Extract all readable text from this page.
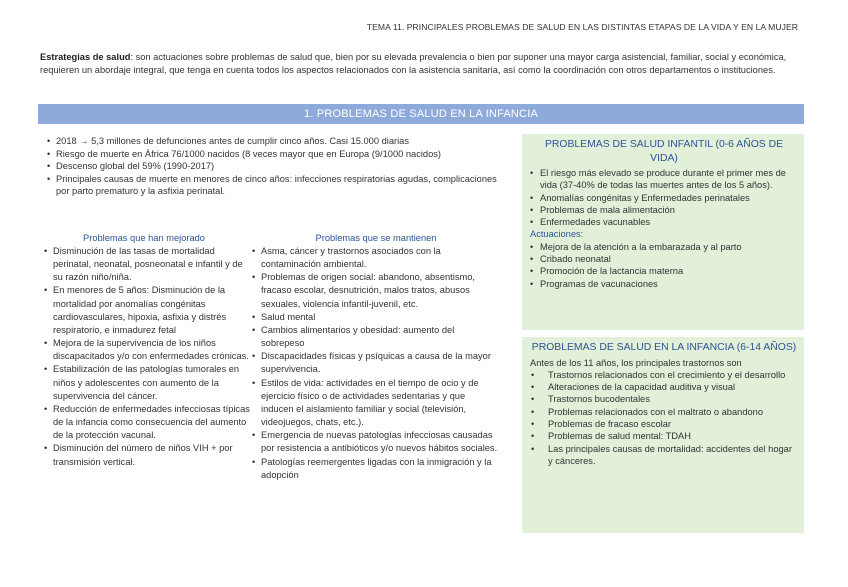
TEMA 11. PRINCIPALES PROBLEMAS DE SALUD EN LAS DISTINTAS ETAPAS DE LA VIDA Y EN LA MUJER

Estrategias de salud: son actuaciones sobre problemas de salud que, bien por su elevada prevalencia o bien por suponer una mayor carga asistencial, familiar, social y económica, requieren un abordaje integral, que tenga en cuenta todos los aspectos relacionados con la asistencia sanitaria, así como la coordinación con otros departamentos o instituciones.

1. PROBLEMAS DE SALUD EN LA INFANCIA
• 2018 → 5,3 millones de defunciones antes de cumplir cinco años. Casi 15.000 diarias
• Riesgo de muerte en África 76/1000 nacidos (8 veces mayor que en Europa (9/1000 nacidos)
• Descenso global del 59% (1990-2017)
• Principales causas de muerte en menores de cinco años: infecciones respiratorias agudas, complicaciones por parto prematuro y la asfixia perinatal.
Problemas que han mejorado
• Disminución de las tasas de mortalidad perinatal, neonatal, posneonatal e infantil y de su razón niño/niña.
• En menores de 5 años: Disminución de la mortalidad por anomalías congénitas cardiovasculares, hipoxia, asfixia y distrés respiratorio, e inmadurez fetal
• Mejora de la supervivencia de los niños discapacitados y/o con enfermedades crónicas.
• Estabilización de las patologías tumorales en niños y adolescentes con aumento de la supervivencia del cáncer.
• Reducción de enfermedades infecciosas típicas de la infancia como consecuencia del aumento de la protección vacunal.
• Disminución del número de niños VIH + por transmisión vertical.
Problemas que se mantienen
• Asma, cáncer y trastornos asociados con la contaminación ambiental.
• Problemas de origen social: abandono, absentismo, fracaso escolar, desnutrición, malos tratos, abusos sexuales, violencia infantil-juvenil, etc.
• Salud mental
• Cambios alimentarios y obesidad: aumento del sobrepeso
• Discapacidades físicas y psíquicas a causa de la mayor supervivencia.
• Estilos de vida: actividades en el tiempo de ocio y de ejercicio físico o de actividades sedentarias y que inducen el aislamiento familiar y social (televisión, videojuegos, chats, etc.).
• Emergencia de nuevas patologías infecciosas causadas por resistencia a antibióticos y/o nuevos hábitos sociales.
• Patologías reemergentes ligadas con la inmigración y la adopción
PROBLEMAS DE SALUD INFANTIL (0-6 AÑOS DE VIDA)
• El riesgo más elevado se produce durante el primer mes de vida (37-40% de todas las muertes antes de los 5 años).
• Anomalías congénitas y Enfermedades perinatales
• Problemas de mala alimentación
• Enfermedades vacunables
Actuaciones:
• Mejora de la atención a la embarazada y al parto
• Cribado neonatal
• Promoción de la lactancia materna
• Programas de vacunaciones
PROBLEMAS DE SALUD EN LA INFANCIA (6-14 AÑOS)
Antes de los 11 años, los principales trastornos son
• Trastornos relacionados con el crecimiento y el desarrollo
• Alteraciones de la capacidad auditiva y visual
• Trastornos bucodentales
• Problemas relacionados con el maltrato o abandono
• Problemas de fracaso escolar
• Problemas de salud mental: TDAH
• Las principales causas de mortalidad: accidentes del hogar y cánceres.
